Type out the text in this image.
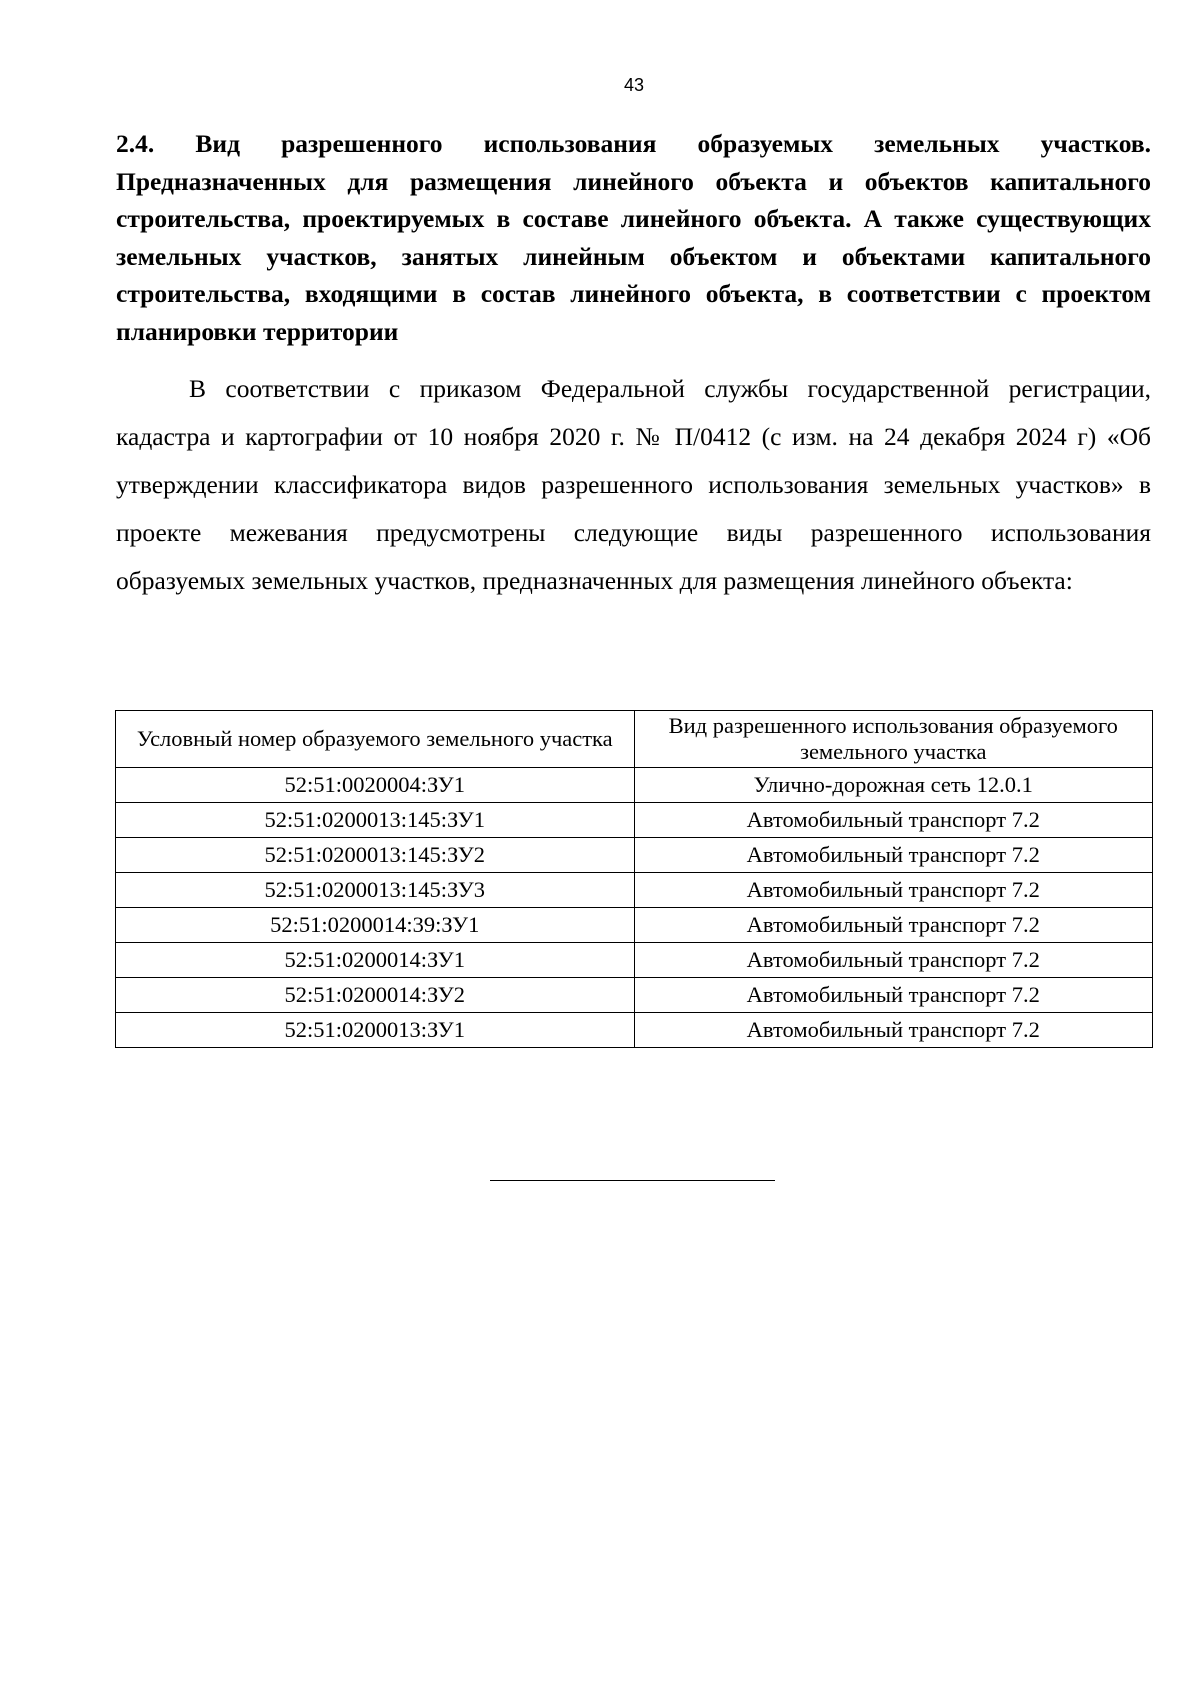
43

2.4. Вид разрешенного использования образуемых земельных участков. Предназначенных для размещения линейного объекта и объектов капитального строительства, проектируемых в составе линейного объекта. А также существующих земельных участков, занятых линейным объектом и объектами капитального строительства, входящими в состав линейного объекта, в соответствии с проектом планировки территории

В соответствии с приказом Федеральной службы государственной регистрации, кадастра и картографии от 10 ноября 2020 г. № П/0412 (с изм. на 24 декабря 2024 г) «Об утверждении классификатора видов разрешенного использования земельных участков» в проекте межевания предусмотрены следующие виды разрешенного использования образуемых земельных участков, предназначенных для размещения линейного объекта:

Условный номер образуемого земельного участка	Вид разрешенного использования образуемого земельного участка
52:51:0020004:ЗУ1	Улично-дорожная сеть 12.0.1
52:51:0200013:145:ЗУ1	Автомобильный транспорт 7.2
52:51:0200013:145:ЗУ2	Автомобильный транспорт 7.2
52:51:0200013:145:ЗУ3	Автомобильный транспорт 7.2
52:51:0200014:39:ЗУ1	Автомобильный транспорт 7.2
52:51:0200014:ЗУ1	Автомобильный транспорт 7.2
52:51:0200014:ЗУ2	Автомобильный транспорт 7.2
52:51:0200013:ЗУ1	Автомобильный транспорт 7.2
